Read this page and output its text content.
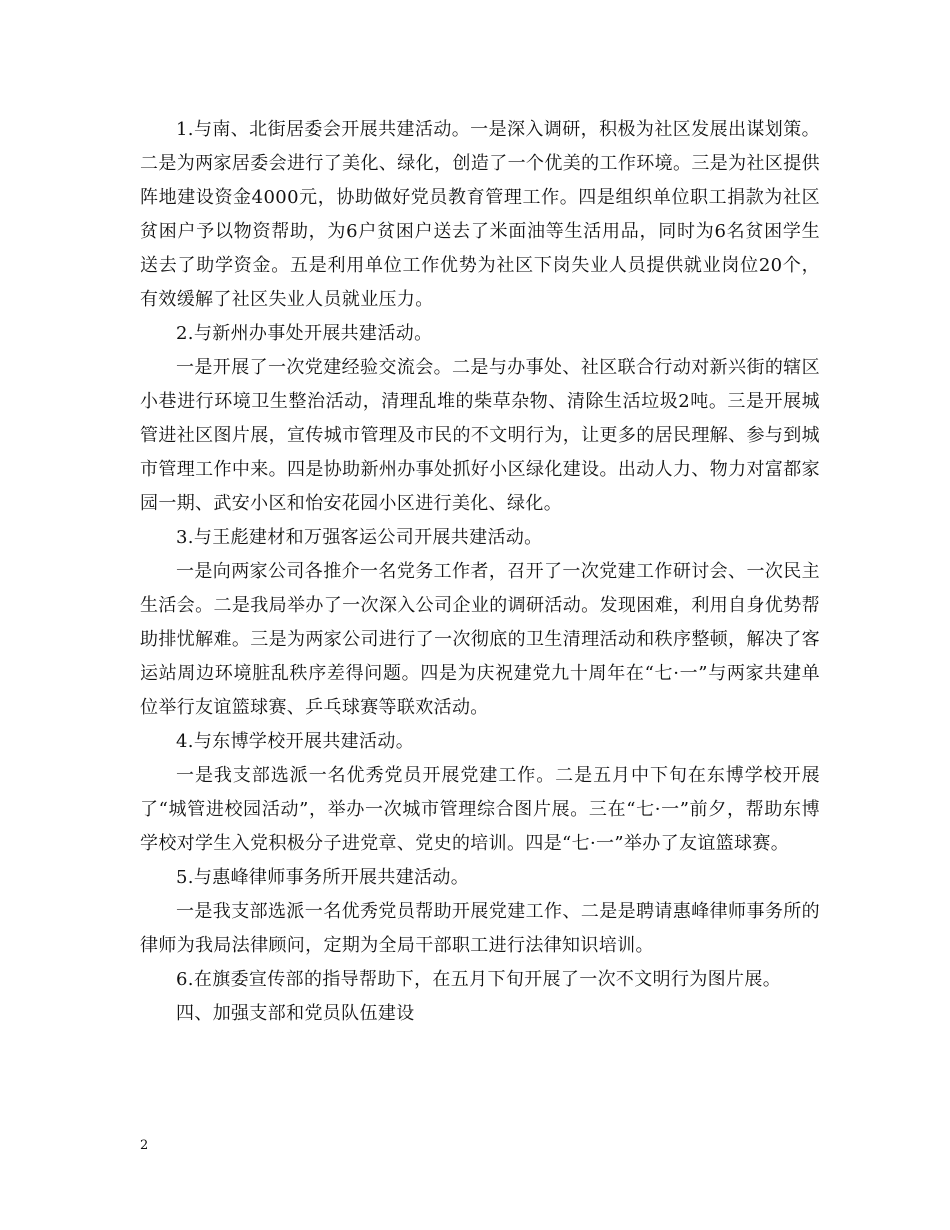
1.与南、北街居委会开展共建活动。一是深入调研，积极为社区发展出谋划策。二是为两家居委会进行了美化、绿化，创造了一个优美的工作环境。三是为社区提供阵地建设资金4000元，协助做好党员教育管理工作。四是组织单位职工捐款为社区贫困户予以物资帮助，为6户贫困户送去了米面油等生活用品，同时为6名贫困学生送去了助学资金。五是利用单位工作优势为社区下岗失业人员提供就业岗位20个，有效缓解了社区失业人员就业压力。

2.与新州办事处开展共建活动。

一是开展了一次党建经验交流会。二是与办事处、社区联合行动对新兴街的辖区小巷进行环境卫生整治活动，清理乱堆的柴草杂物、清除生活垃圾2吨。三是开展城管进社区图片展，宣传城市管理及市民的不文明行为，让更多的居民理解、参与到城市管理工作中来。四是协助新州办事处抓好小区绿化建设。出动人力、物力对富都家园一期、武安小区和怡安花园小区进行美化、绿化。

3.与王彪建材和万强客运公司开展共建活动。

一是向两家公司各推介一名党务工作者，召开了一次党建工作研讨会、一次民主生活会。二是我局举办了一次深入公司企业的调研活动。发现困难，利用自身优势帮助排忧解难。三是为两家公司进行了一次彻底的卫生清理活动和秩序整顿，解决了客运站周边环境脏乱秩序差得问题。四是为庆祝建党九十周年在“七·一”与两家共建单位举行友谊篮球赛、乒乓球赛等联欢活动。

4.与东博学校开展共建活动。

一是我支部选派一名优秀党员开展党建工作。二是五月中下旬在东博学校开展了“城管进校园活动”，举办一次城市管理综合图片展。三在“七·一”前夕，帮助东博学校对学生入党积极分子进党章、党史的培训。四是“七·一”举办了友谊篮球赛。

5.与惠峰律师事务所开展共建活动。

一是我支部选派一名优秀党员帮助开展党建工作、二是是聘请惠峰律师事务所的律师为我局法律顾问，定期为全局干部职工进行法律知识培训。

6.在旗委宣传部的指导帮助下，在五月下旬开展了一次不文明行为图片展。

四、加强支部和党员队伍建设

2
